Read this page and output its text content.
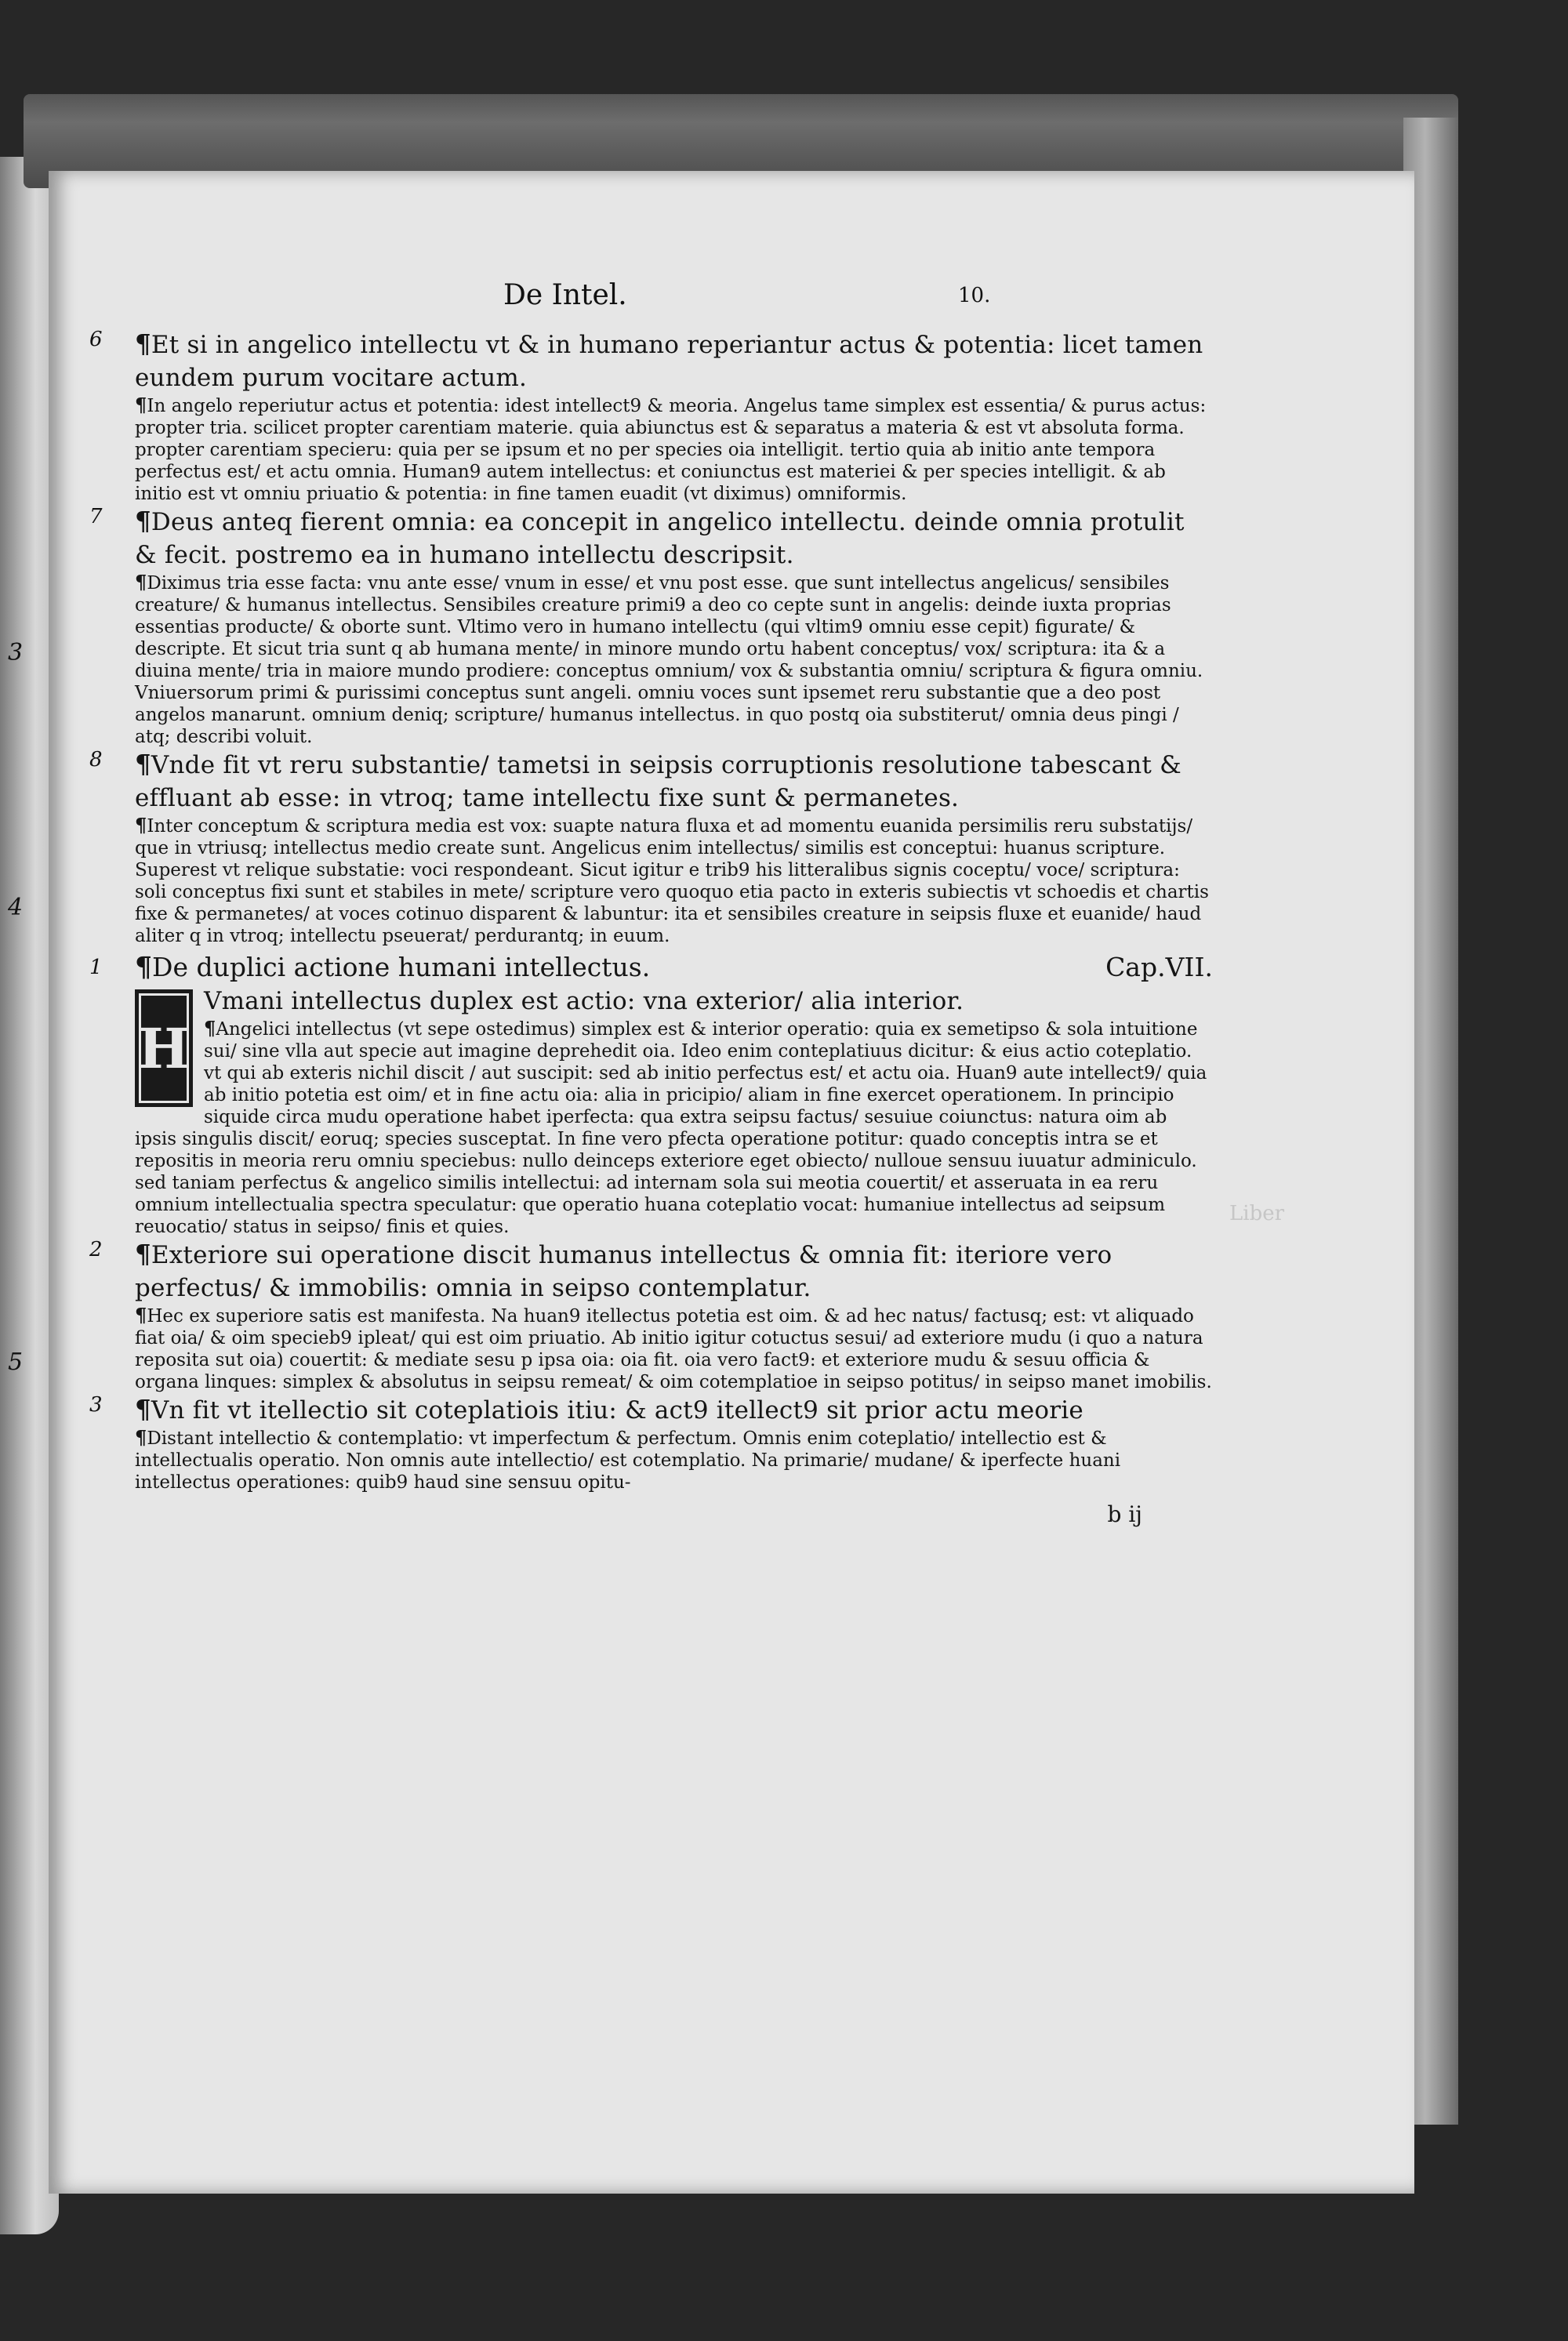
3
4
5
Liber
De Intel.	10.
6 ¶Et si in angelico intellectu vt & in humano reperiantur actus & potentia: licet tamen eundem purum vocitare actum.
¶In angelo reperiutur actus et potentia: idest intellect9 & meoria. Angelus tame simplex est essentia/ & purus actus: propter tria. scilicet propter carentiam materie. quia abiunctus est & separatus a materia & est vt absoluta forma. propter carentiam specieru: quia per se ipsum et no per species oia intelligit. tertio quia ab initio ante tempora perfectus est/ et actu omnia. Human9 autem intellectus: et coniunctus est materiei & per species intelligit. & ab initio est vt omniu priuatio & potentia: in fine tamen euadit (vt diximus) omniformis.
7 ¶Deus anteq fierent omnia: ea concepit in angelico intellectu. deinde omnia protulit & fecit. postremo ea in humano intellectu descripsit.
¶Diximus tria esse facta: vnu ante esse/ vnum in esse/ et vnu post esse. que sunt intellectus angelicus/ sensibiles creature/ & humanus intellectus. Sensibiles creature primi9 a deo co cepte sunt in angelis: deinde iuxta proprias essentias producte/ & oborte sunt. Vltimo vero in humano intellectu (qui vltim9 omniu esse cepit) figurate/ & descripte. Et sicut tria sunt q ab humana mente/ in minore mundo ortu habent conceptus/ vox/ scriptura: ita & a diuina mente/ tria in maiore mundo prodiere: conceptus omnium/ vox & substantia omniu/ scriptura & figura omniu. Vniuersorum primi & purissimi conceptus sunt angeli. omniu voces sunt ipsemet reru substantie que a deo post angelos manarunt. omnium deniq; scripture/ humanus intellectus. in quo postq oia substiterut/ omnia deus pingi / atq; describi voluit.
8 ¶Vnde fit vt reru substantie/ tametsi in seipsis corruptionis resolutione tabescant & effluant ab esse: in vtroq; tame intellectu fixe sunt & permanetes.
¶Inter conceptum & scriptura media est vox: suapte natura fluxa et ad momentu euanida persimilis reru substatijs/ que in vtriusq; intellectus medio create sunt. Angelicus enim intellectus/ similis est conceptui: huanus scripture. Superest vt relique substatie: voci respondeant. Sicut igitur e trib9 his litteralibus signis coceptu/ voce/ scriptura: soli conceptus fixi sunt et stabiles in mete/ scripture vero quoquo etia pacto in exteris subiectis vt schoedis et chartis fixe & permanetes/ at voces cotinuo disparent & labuntur: ita et sensibiles creature in seipsis fluxe et euanide/ haud aliter q in vtroq; intellectu pseuerat/ perdurantq; in euum.
1 ¶De duplici actione humani intellectus.	Cap.VII.
H
Vmani intellectus duplex est actio: vna exterior/ alia interior.
¶Angelici intellectus (vt sepe ostedimus) simplex est & interior operatio: quia ex semetipso & sola intuitione sui/ sine vlla aut specie aut imagine deprehedit oia. Ideo enim conteplatiuus dicitur: & eius actio coteplatio. vt qui ab exteris nichil discit / aut suscipit: sed ab initio perfectus est/ et actu oia. Huan9 aute intellect9/ quia ab initio potetia est oim/ et in fine actu oia: alia in pricipio/ aliam in fine exercet operationem. In principio siquide circa mudu operatione habet iperfecta: qua extra seipsu factus/ sesuiue coiunctus: natura oim ab ipsis singulis discit/ eoruq; species susceptat. In fine vero pfecta operatione potitur: quado conceptis intra se et repositis in meoria reru omniu speciebus: nullo deinceps exteriore eget obiecto/ nulloue sensuu iuuatur adminiculo. sed taniam perfectus & angelico similis intellectui: ad internam sola sui meotia couertit/ et asseruata in ea reru omnium intellectualia spectra speculatur: que operatio huana coteplatio vocat: humaniue intellectus ad seipsum reuocatio/ status in seipso/ finis et quies.
2 ¶Exteriore sui operatione discit humanus intellectus & omnia fit: iteriore vero perfectus/ & immobilis: omnia in seipso contemplatur.
¶Hec ex superiore satis est manifesta. Na huan9 itellectus potetia est oim. & ad hec natus/ factusq; est: vt aliquado fiat oia/ & oim specieb9 ipleat/ qui est oim priuatio. Ab initio igitur cotuctus sesui/ ad exteriore mudu (i quo a natura reposita sut oia) couertit: & mediate sesu p ipsa oia: oia fit. oia vero fact9: et exteriore mudu & sesuu officia & organa linques: simplex & absolutus in seipsu remeat/ & oim cotemplatioe in seipso potitus/ in seipso manet imobilis.
3 ¶Vn fit vt itellectio sit coteplatiois itiu: & act9 itellect9 sit prior actu meorie
¶Distant intellectio & contemplatio: vt imperfectum & perfectum. Omnis enim coteplatio/ intellectio est & intellectualis operatio. Non omnis aute intellectio/ est cotemplatio. Na primarie/ mudane/ & iperfecte huani intellectus operationes: quib9 haud sine sensuu opitu-
b ij
